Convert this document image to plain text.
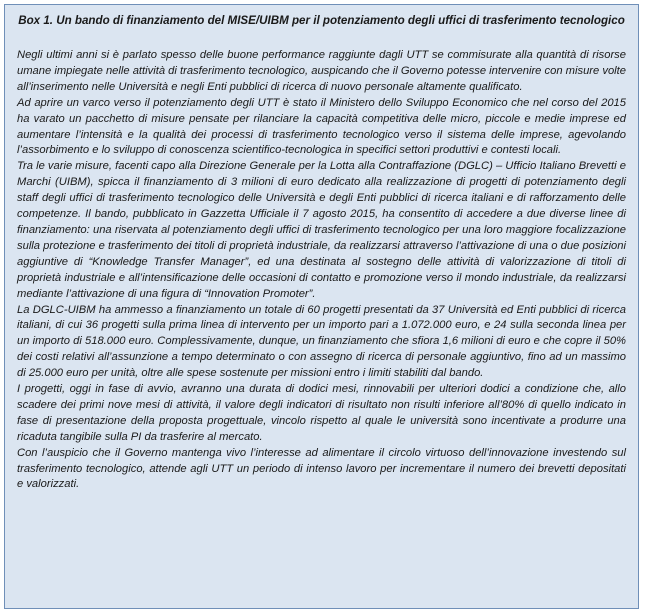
Box 1. Un bando di finanziamento del MISE/UIBM per il potenziamento degli uffici di trasferimento tecnologico

Negli ultimi anni si è parlato spesso delle buone performance raggiunte dagli UTT se commisurate alla quantità di risorse umane impiegate nelle attività di trasferimento tecnologico, auspicando che il Governo potesse intervenire con misure volte all’inserimento nelle Università e negli Enti pubblici di ricerca di nuovo personale altamente qualificato.

Ad aprire un varco verso il potenziamento degli UTT è stato il Ministero dello Sviluppo Economico che nel corso del 2015 ha varato un pacchetto di misure pensate per rilanciare la capacità competitiva delle micro, piccole e medie imprese ed aumentare l’intensità e la qualità dei processi di trasferimento tecnologico verso il sistema delle imprese, agevolando l’assorbimento e lo sviluppo di conoscenza scientifico-tecnologica in specifici settori produttivi e contesti locali.

Tra le varie misure, facenti capo alla Direzione Generale per la Lotta alla Contraffazione (DGLC) – Ufficio Italiano Brevetti e Marchi (UIBM), spicca il finanziamento di 3 milioni di euro dedicato alla realizzazione di progetti di potenziamento degli staff degli uffici di trasferimento tecnologico delle Università e degli Enti pubblici di ricerca italiani e di rafforzamento delle competenze. Il bando, pubblicato in Gazzetta Ufficiale il 7 agosto 2015, ha consentito di accedere a due diverse linee di finanziamento: una riservata al potenziamento degli uffici di trasferimento tecnologico per una loro maggiore focalizzazione sulla protezione e trasferimento dei titoli di proprietà industriale, da realizzarsi attraverso l’attivazione di una o due posizioni aggiuntive di “Knowledge Transfer Manager”, ed una destinata al sostegno delle attività di valorizzazione di titoli di proprietà industriale e all’intensificazione delle occasioni di contatto e promozione verso il mondo industriale, da realizzarsi mediante l’attivazione di una figura di “Innovation Promoter”.

La DGLC-UIBM ha ammesso a finanziamento un totale di 60 progetti presentati da 37 Università ed Enti pubblici di ricerca italiani, di cui 36 progetti sulla prima linea di intervento per un importo pari a 1.072.000 euro, e 24 sulla seconda linea per un importo di 518.000 euro. Complessivamente, dunque, un finanziamento che sfiora 1,6 milioni di euro e che copre il 50% dei costi relativi all’assunzione a tempo determinato o con assegno di ricerca di personale aggiuntivo, fino ad un massimo di 25.000 euro per unità, oltre alle spese sostenute per missioni entro i limiti stabiliti dal bando.

I progetti, oggi in fase di avvio, avranno una durata di dodici mesi, rinnovabili per ulteriori dodici a condizione che, allo scadere dei primi nove mesi di attività, il valore degli indicatori di risultato non risulti inferiore all’80% di quello indicato in fase di presentazione della proposta progettuale, vincolo rispetto al quale le università sono incentivate a produrre una ricaduta tangibile sulla PI da trasferire al mercato.

Con l’auspicio che il Governo mantenga vivo l’interesse ad alimentare il circolo virtuoso dell’innovazione investendo sul trasferimento tecnologico, attende agli UTT un periodo di intenso lavoro per incrementare il numero dei brevetti depositati e valorizzati.
